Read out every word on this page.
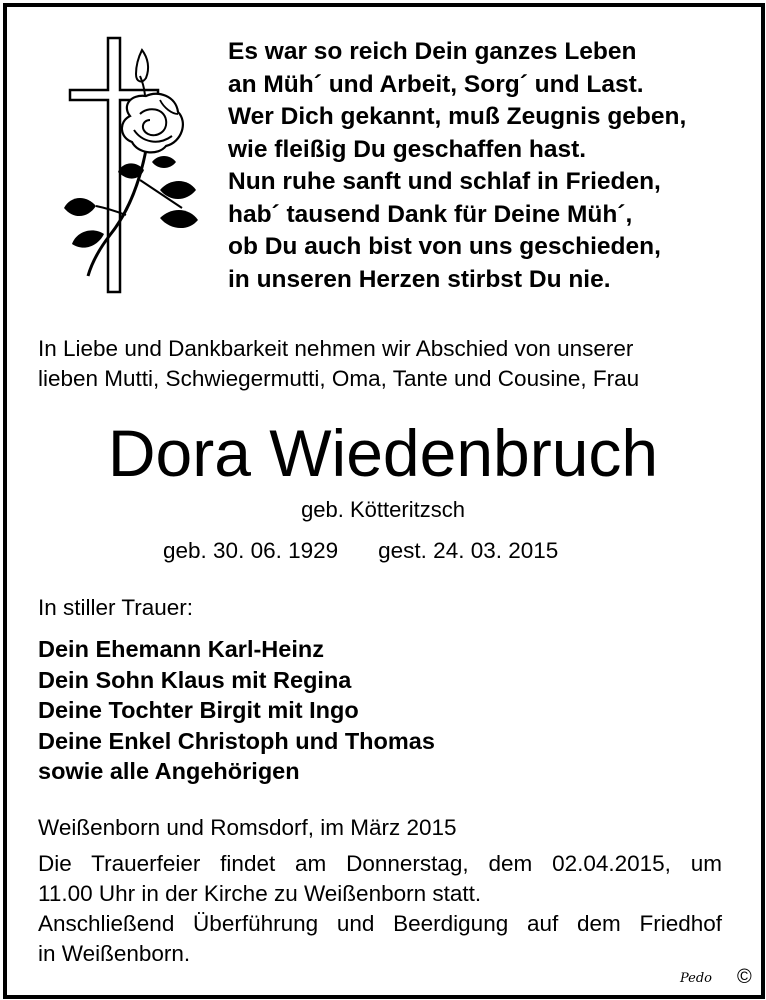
Es war so reich Dein ganzes Leben
an Müh´ und Arbeit, Sorg´ und Last.
Wer Dich gekannt, muß Zeugnis geben,
wie fleißig Du geschaffen hast.
Nun ruhe sanft und schlaf in Frieden,
hab´ tausend Dank für Deine Müh´,
ob Du auch bist von uns geschieden,
in unseren Herzen stirbst Du nie.
In Liebe und Dankbarkeit nehmen wir Abschied von unserer
lieben Mutti, Schwiegermutti, Oma, Tante und Cousine, Frau
Dora Wiedenbruch
geb. Kötteritzsch
geb. 30. 06. 1929 gest. 24. 03. 2015
In stiller Trauer:
Dein Ehemann Karl-Heinz
Dein Sohn Klaus mit Regina
Deine Tochter Birgit mit Ingo
Deine Enkel Christoph und Thomas
sowie alle Angehörigen
Weißenborn und Romsdorf, im März 2015
Die Trauerfeier findet am Donnerstag, dem 02.04.2015, um
11.00 Uhr in der Kirche zu Weißenborn statt.
Anschließend Überführung und Beerdigung auf dem Friedhof
in Weißenborn.
Pedo ©
